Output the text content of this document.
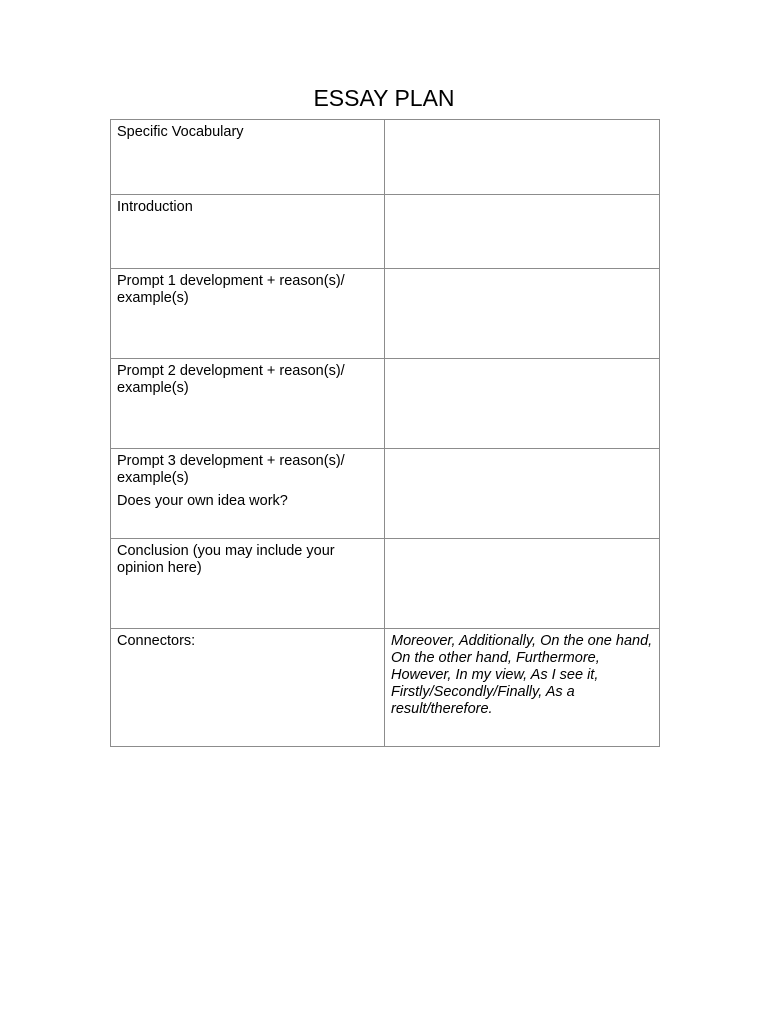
ESSAY PLAN
Specific Vocabulary	
Introduction	
Prompt 1 development + reason(s)/ example(s)	
Prompt 2 development + reason(s)/ example(s)	
Prompt 3 development + reason(s)/ example(s)
Does your own idea work?	

Conclusion (you may include your opinion here)	
Connectors:	Moreover, Additionally, On the one hand, On the other hand, Furthermore, However, In my view, As I see it, Firstly/Secondly/Finally, As a result/therefore.
